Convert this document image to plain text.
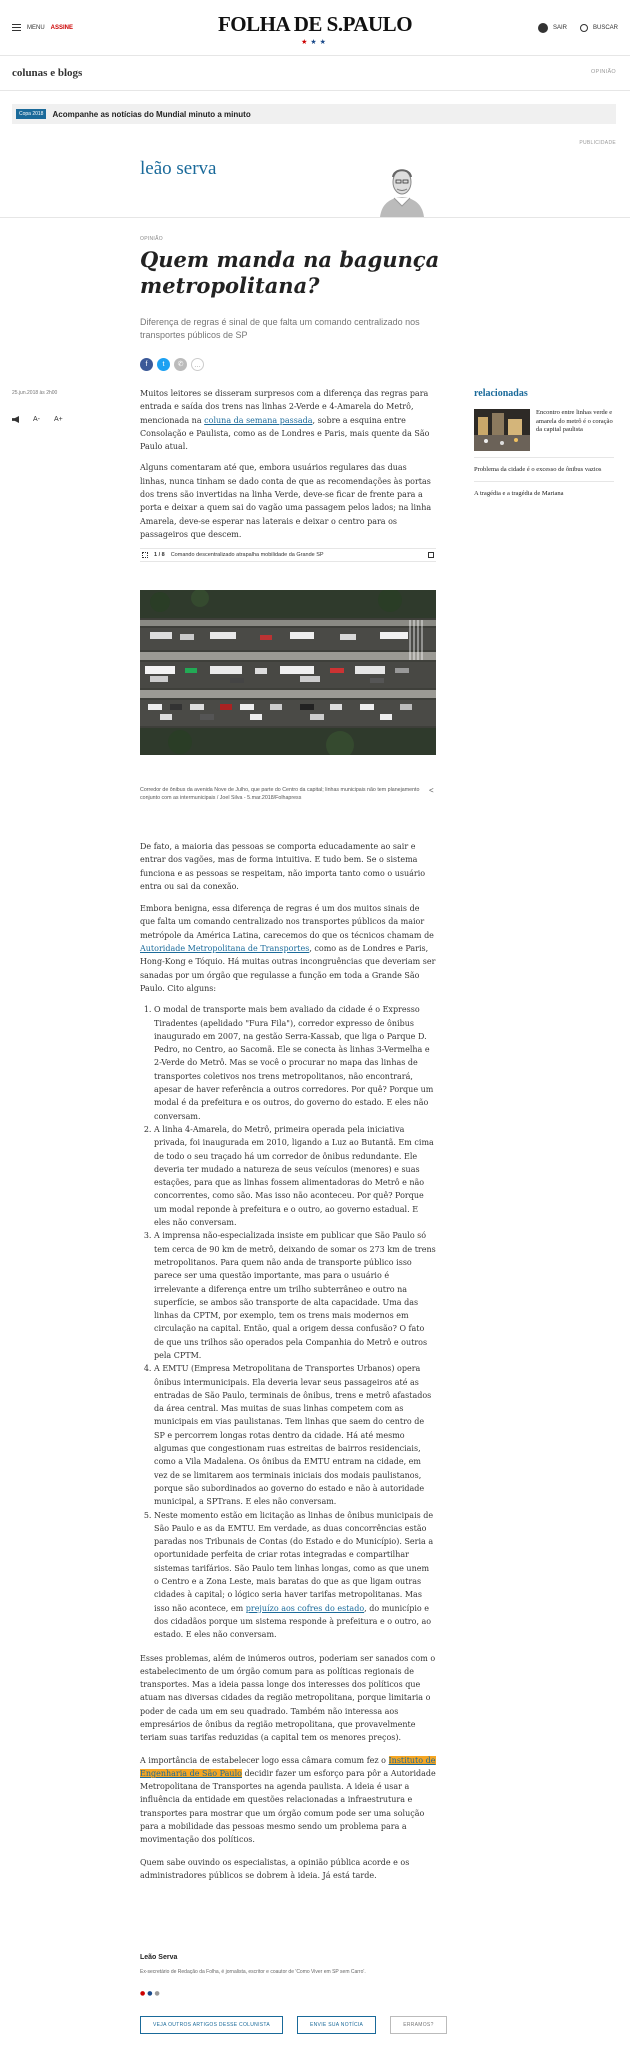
MENU ASSINE	FOLHA DE S.PAULO
★★★
SAIR	BUSCAR
colunas e blogs	OPINIÃO
Copa 2018	Acompanhe as notícias do Mundial minuto a minuto
PUBLICIDADE
leão serva
OPINIÃO
Quem manda na bagunça metropolitana?
Diferença de regras é sinal de que falta um comando centralizado nos transportes públicos de SP
f	t	✆	…
25.jun.2018 às 2h00
A- A+

Muitos leitores se disseram surpresos com a diferença das regras para entrada e saída dos trens nas linhas 2-Verde e 4-Amarela do Metrô, mencionada na coluna da semana passada, sobre a esquina entre Consolação e Paulista, como as de Londres e Paris, mais quente da São Paulo atual.

Alguns comentaram até que, embora usuários regulares das duas linhas, nunca tinham se dado conta de que as recomendações às portas dos trens são invertidas na linha Verde, deve-se ficar de frente para a porta e deixar a quem sai do vagão uma passagem pelos lados; na linha Amarela, deve-se esperar nas laterais e deixar o centro para os passageiros que descem.

1 / 8 Comando descentralizado atrapalha mobilidade da Grande SP
Corredor de ônibus da avenida Nove de Julho, que parte do Centro da capital; linhas municipais não tem planejamento conjunto com as intermunicipais / Joel Silva - 5.mar.2018/Folhapress
<

De fato, a maioria das pessoas se comporta educadamente ao sair e entrar dos vagões, mas de forma intuitiva. E tudo bem. Se o sistema funciona e as pessoas se respeitam, não importa tanto como o usuário entra ou sai da conexão.

Embora benigna, essa diferença de regras é um dos muitos sinais de que falta um comando centralizado nos transportes públicos da maior metrópole da América Latina, carecemos do que os técnicos chamam de Autoridade Metropolitana de Transportes, como as de Londres e Paris, Hong-Kong e Tóquio. Há muitas outras incongruências que deveriam ser sanadas por um órgão que regulasse a função em toda a Grande São Paulo. Cito alguns:

1. O modal de transporte mais bem avaliado da cidade é o Expresso Tiradentes (apelidado "Fura Fila"), corredor expresso de ônibus inaugurado em 2007, na gestão Serra-Kassab, que liga o Parque D. Pedro, no Centro, ao Sacomã. Ele se conecta às linhas 3-Vermelha e 2-Verde do Metrô. Mas se você o procurar no mapa das linhas de transportes coletivos nos trens metropolitanos, não encontrará, apesar de haver referência a outros corredores. Por quê? Porque um modal é da prefeitura e os outros, do governo do estado. E eles não conversam.
2. A linha 4-Amarela, do Metrô, primeira operada pela iniciativa privada, foi inaugurada em 2010, ligando a Luz ao Butantã. Em cima de todo o seu traçado há um corredor de ônibus redundante. Ele deveria ter mudado a natureza de seus veículos (menores) e suas estações, para que as linhas fossem alimentadoras do Metrô e não concorrentes, como são. Mas isso não aconteceu. Por quê? Porque um modal reponde à prefeitura e o outro, ao governo estadual. E eles não conversam.
3. A imprensa não-especializada insiste em publicar que São Paulo só tem cerca de 90 km de metrô, deixando de somar os 273 km de trens metropolitanos. Para quem não anda de transporte público isso parece ser uma questão importante, mas para o usuário é irrelevante a diferença entre um trilho subterrâneo e outro na superfície, se ambos são transporte de alta capacidade. Uma das linhas da CPTM, por exemplo, tem os trens mais modernos em circulação na capital. Então, qual a origem dessa confusão? O fato de que uns trilhos são operados pela Companhia do Metrô e outros pela CPTM.
4. A EMTU (Empresa Metropolitana de Transportes Urbanos) opera ônibus intermunicipais. Ela deveria levar seus passageiros até as entradas de São Paulo, terminais de ônibus, trens e metrô afastados da área central. Mas muitas de suas linhas competem com as municipais em vias paulistanas. Tem linhas que saem do centro de SP e percorrem longas rotas dentro da cidade. Há até mesmo algumas que congestionam ruas estreitas de bairros residenciais, como a Vila Madalena. Os ônibus da EMTU entram na cidade, em vez de se limitarem aos terminais iniciais dos modais paulistanos, porque são subordinados ao governo do estado e não à autoridade municipal, a SPTrans. E eles não conversam.
5. Neste momento estão em licitação as linhas de ônibus municipais de São Paulo e as da EMTU. Em verdade, as duas concorrências estão paradas nos Tribunais de Contas (do Estado e do Município). Seria a oportunidade perfeita de criar rotas integradas e compartilhar sistemas tarifários. São Paulo tem linhas longas, como as que unem o Centro e a Zona Leste, mais baratas do que as que ligam outras cidades à capital; o lógico seria haver tarifas metropolitanas. Mas isso não acontece, em prejuízo aos cofres do estado, do município e dos cidadãos porque um sistema responde à prefeitura e o outro, ao estado. E eles não conversam.

Esses problemas, além de inúmeros outros, poderiam ser sanados com o estabelecimento de um órgão comum para as políticas regionais de transportes. Mas a ideia passa longe dos interesses dos políticos que atuam nas diversas cidades da região metropolitana, porque limitaria o poder de cada um em seu quadrado. Também não interessa aos empresários de ônibus da região metropolitana, que provavelmente teriam suas tarifas reduzidas (a capital tem os menores preços).

A importância de estabelecer logo essa câmara comum fez o Instituto de Engenharia de São Paulo decidir fazer um esforço para pôr a Autoridade Metropolitana de Transportes na agenda paulista. A ideia é usar a influência da entidade em questões relacionadas a infraestrutura e transportes para mostrar que um órgão comum pode ser uma solução para a mobilidade das pessoas mesmo sendo um problema para a movimentação dos políticos.

Quem sabe ouvindo os especialistas, a opinião pública acorde e os administradores públicos se dobrem à ideia. Já está tarde.

Leão Serva
Ex-secretário de Redação da Folha, é jornalista, escritor e coautor de 'Como Viver em SP sem Carro'.
●●●
VEJA OUTROS ARTIGOS DESSE COLUNISTA	ENVIE SUA NOTÍCIA	ERRAMOS?
relacionadas
Encontro entre linhas verde e amarela do metrô é o coração da capital paulista
Problema da cidade é o excesso de ônibus vazios
A tragédia e a tragédia de Mariana
